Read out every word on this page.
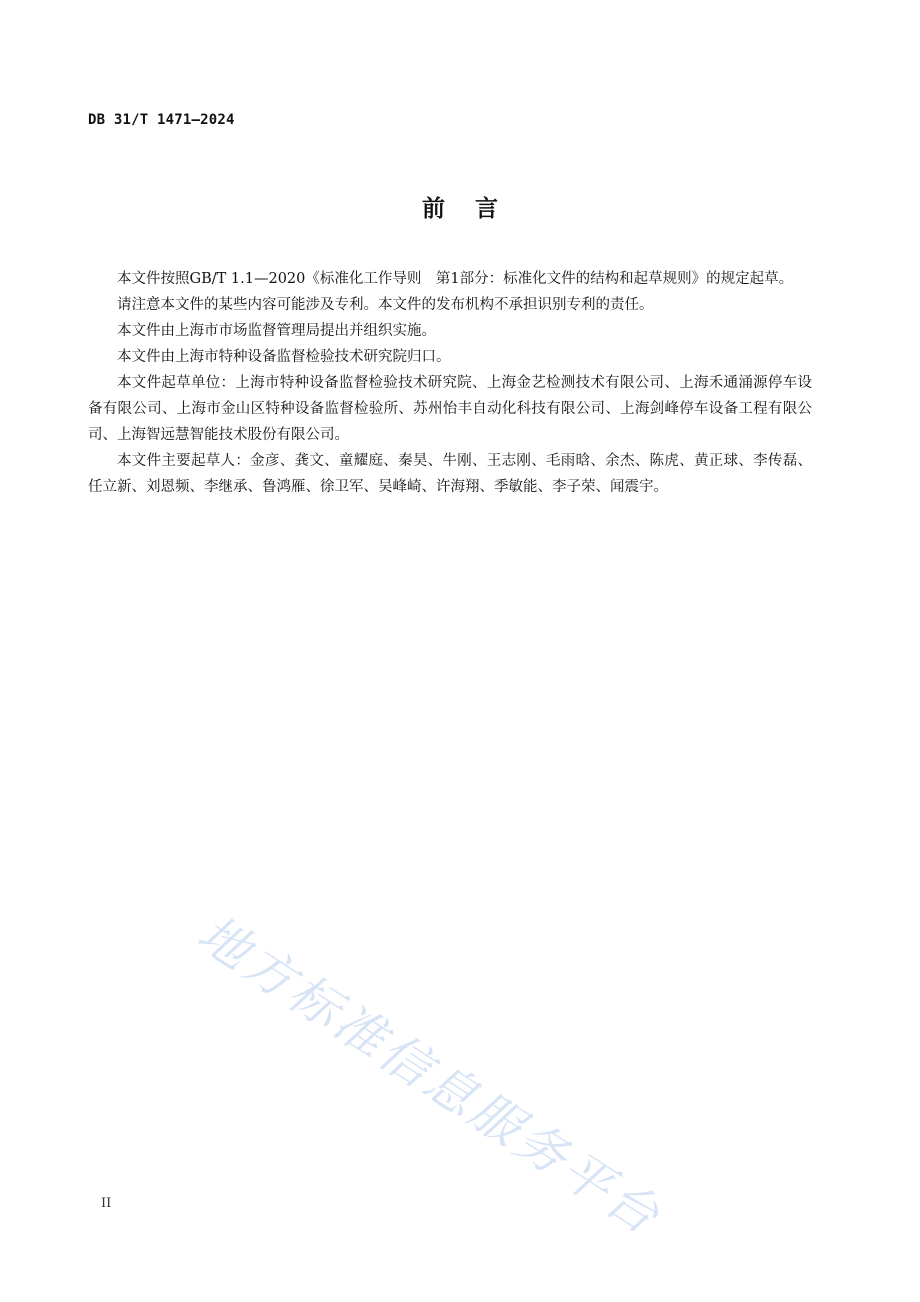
DB 31/T 1471—2024
前言

本文件按照GB/T 1.1—2020《标准化工作导则　第1部分：标准化文件的结构和起草规则》的规定起草。

请注意本文件的某些内容可能涉及专利。本文件的发布机构不承担识别专利的责任。

本文件由上海市市场监督管理局提出并组织实施。

本文件由上海市特种设备监督检验技术研究院归口。

本文件起草单位：上海市特种设备监督检验技术研究院、上海金艺检测技术有限公司、上海禾通涌源停车设备有限公司、上海市金山区特种设备监督检验所、苏州怡丰自动化科技有限公司、上海剑峰停车设备工程有限公司、上海智远慧智能技术股份有限公司。

本文件主要起草人：金彦、龚文、童耀庭、秦昊、牛刚、王志刚、毛雨晗、余杰、陈虎、黄正球、李传磊、任立新、刘恩频、李继承、鲁鸿雁、徐卫军、吴峰崎、许海翔、季敏能、李子荣、闻震宇。

地方标准信息服务平台
II
